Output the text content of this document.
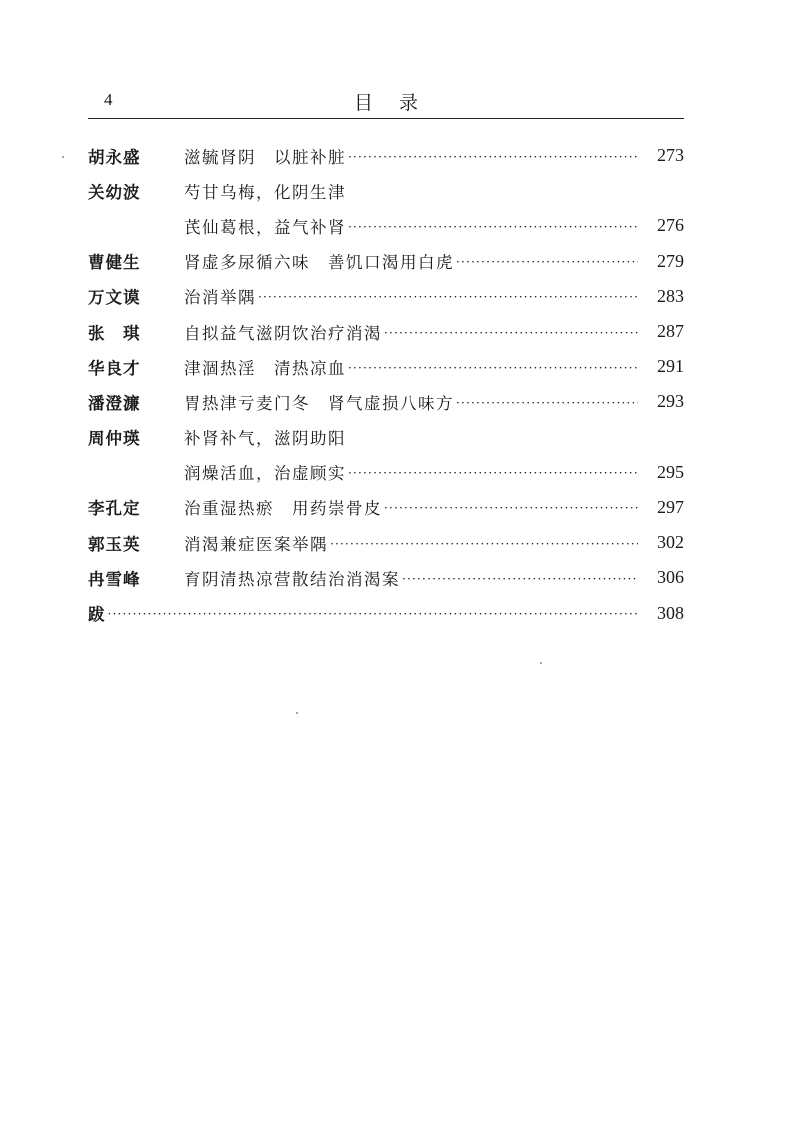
4	目录
胡永盛	滋毓肾阴　以脏补脏 ·····	273
关幼波	芍甘乌梅，化阴生津
芪仙葛根，益气补肾 ·····	276
曹健生	肾虚多尿循六味　善饥口渴用白虎 ·····	279
万文谟	治消举隅 ·····	283
张　琪	自拟益气滋阴饮治疗消渴 ·····	287
华良才	津涸热淫　清热凉血 ·····	291
潘澄濂	胃热津亏麦门冬　肾气虚损八味方 ·····	293
周仲瑛	补肾补气，滋阴助阳
润燥活血，治虚顾实 ·····	295
李孔定	治重湿热瘀　用药崇骨皮 ·····	297
郭玉英	消渴兼症医案举隅 ·····	302
冉雪峰	育阴清热凉营散结治消渴案 ·····	306
跋 ·····	308
